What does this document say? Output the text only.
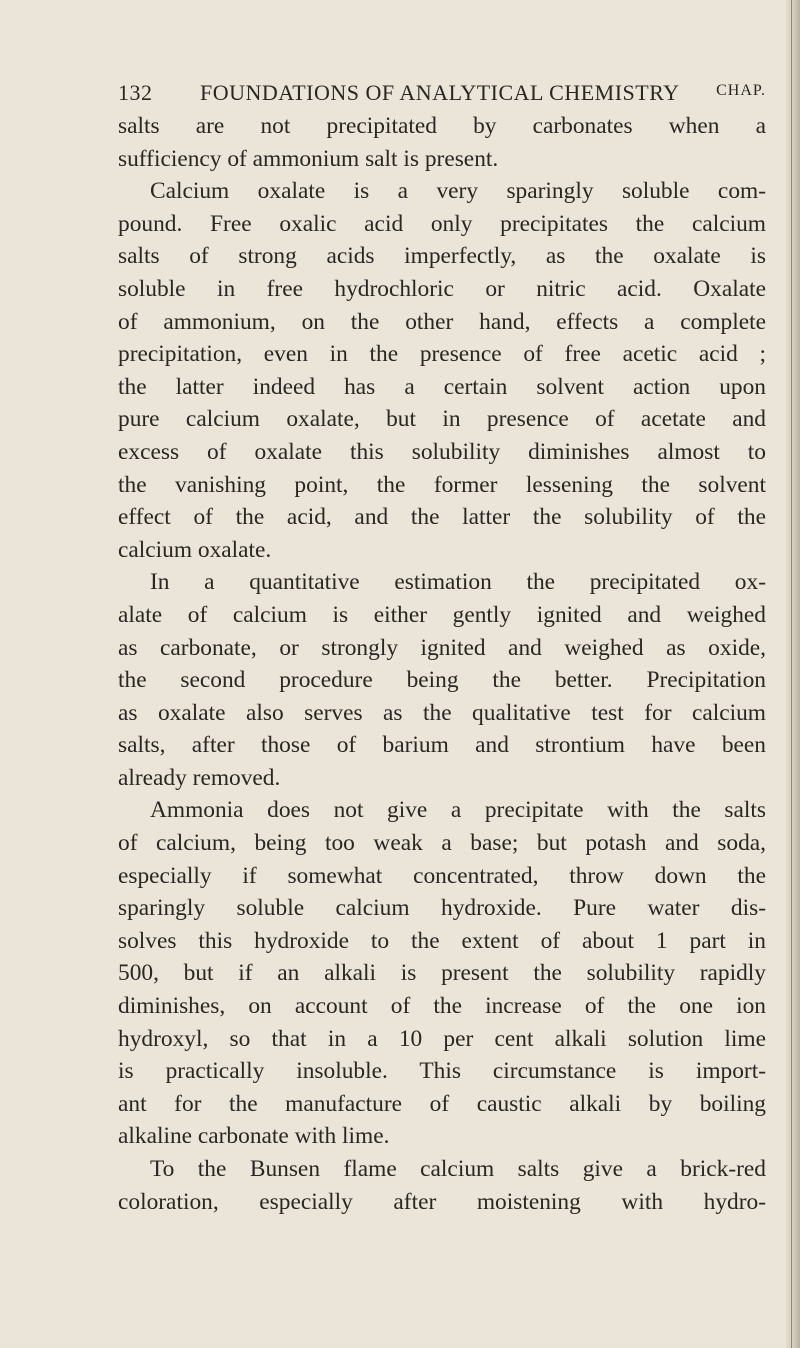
132 FOUNDATIONS OF ANALYTICAL CHEMISTRY CHAP.
salts are not precipitated by carbonates when a
sufficiency of ammonium salt is present.
Calcium oxalate is a very sparingly soluble com-
pound. Free oxalic acid only precipitates the calcium
salts of strong acids imperfectly, as the oxalate is
soluble in free hydrochloric or nitric acid. Oxalate
of ammonium, on the other hand, effects a complete
precipitation, even in the presence of free acetic acid ;
the latter indeed has a certain solvent action upon
pure calcium oxalate, but in presence of acetate and
excess of oxalate this solubility diminishes almost to
the vanishing point, the former lessening the solvent
effect of the acid, and the latter the solubility of the
calcium oxalate.
In a quantitative estimation the precipitated ox-
alate of calcium is either gently ignited and weighed
as carbonate, or strongly ignited and weighed as oxide,
the second procedure being the better. Precipitation
as oxalate also serves as the qualitative test for calcium
salts, after those of barium and strontium have been
already removed.
Ammonia does not give a precipitate with the salts
of calcium, being too weak a base; but potash and soda,
especially if somewhat concentrated, throw down the
sparingly soluble calcium hydroxide. Pure water dis-
solves this hydroxide to the extent of about 1 part in
500, but if an alkali is present the solubility rapidly
diminishes, on account of the increase of the one ion
hydroxyl, so that in a 10 per cent alkali solution lime
is practically insoluble. This circumstance is import-
ant for the manufacture of caustic alkali by boiling
alkaline carbonate with lime.
To the Bunsen flame calcium salts give a brick-red
coloration, especially after moistening with hydro-
